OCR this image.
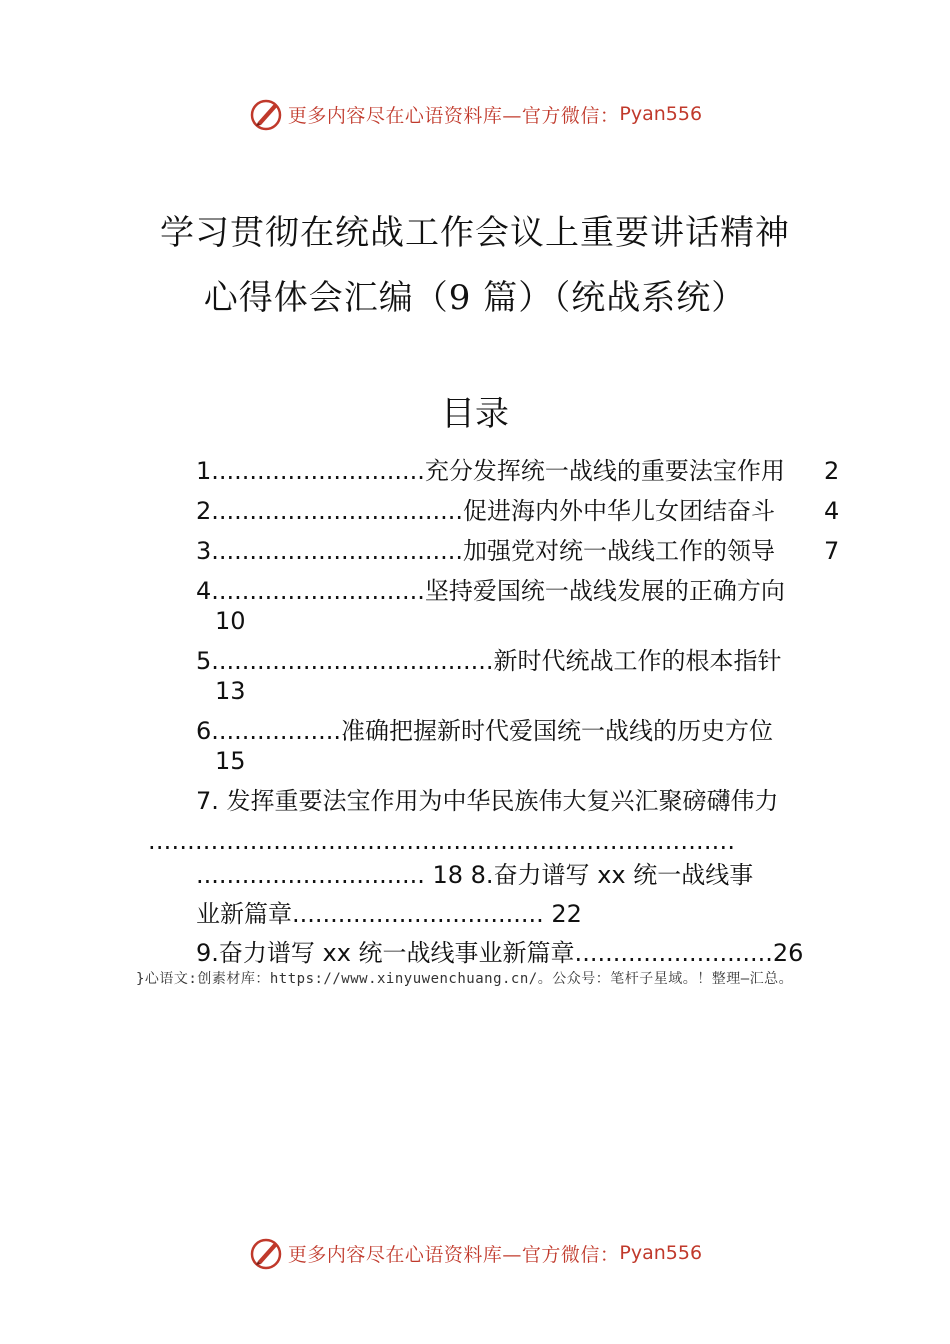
更多内容尽在心语资料库—官方微信： Pyan556
学习贯彻在统战工作会议上重要讲话精神
心得体会汇编（9 篇）（统战系统）
目录
1............................充分发挥统一战线的重要法宝作用 2
2.................................促进海内外中华儿女团结奋斗 4
3.................................加强党对统一战线工作的领导 7
4............................坚持爱国统一战线发展的正确方向
10
5.....................................新时代统战工作的根本指针
13
6.................准确把握新时代爱国统一战线的历史方位
15
7. 发挥重要法宝作用为中华民族伟大复兴汇聚磅礴伟力
...........................................................................
.............................. 18 8.奋力谱写 xx 统一战线事
业新篇章................................. 22
9.奋力谱写 xx 统一战线事业新篇章..........................26
}心语文:创素材库：https://www.xinyuwenchuang.cn/。公众号：笔杆子星域。！整理—汇总。
更多内容尽在心语资料库—官方微信： Pyan556
